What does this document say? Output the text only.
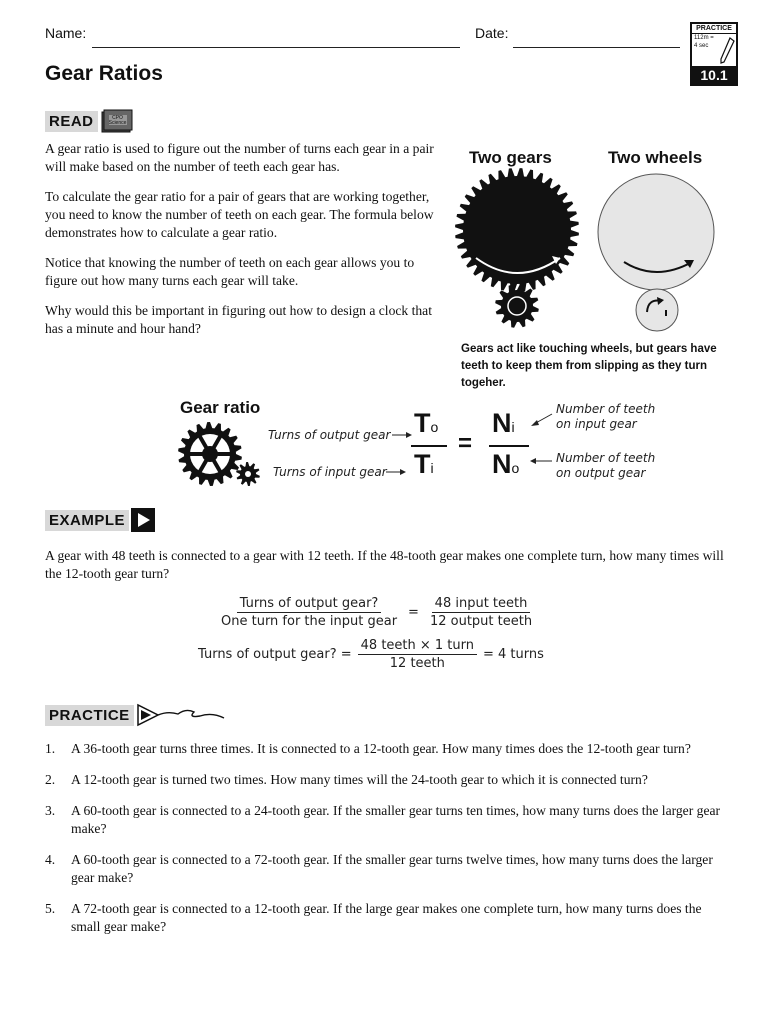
Name:	Date:	PRACTICE
112m =
4 sec
10.1
Gear Ratios
READ	CPO Science

A gear ratio is used to figure out the number of turns each gear in a pair will make based on the number of teeth each gear has.

To calculate the gear ratio for a pair of gears that are working together, you need to know the number of teeth on each gear. The formula below demonstrates how to calculate a gear ratio.

Notice that knowing the number of teeth on each gear allows you to figure out how many turns each gear will take.

Why would this be important in figuring out how to design a clock that has a minute and hour hand?

Two gears	Two wheels
Gears act like touching wheels, but gears have teeth to keep them from slipping as they turn togeher.
Gear ratio
Turns of output gear
Turns of input gear
To
Ti
=
Ni
No
Number of teeth
on input gear
Number of teeth
on output gear
EXAMPLE

A gear with 48 teeth is connected to a gear with 12 teeth. If the 48-tooth gear makes one complete turn, how many times will the 12-tooth gear turn?

$\frac{\text{Turns of output gear?}}{\text{One turn for the input gear}} = \frac{\text{48 input teeth}}{\text{12 output teeth}}$
Turns of output gear? = $\frac{\text{48 teeth × 1 turn}}{\text{12 teeth}} = 4$ turns
PRACTICE
1. A 36-tooth gear turns three times. It is connected to a 12-tooth gear. How many times does the 12-tooth gear turn?
2. A 12-tooth gear is turned two times. How many times will the 24-tooth gear to which it is connected turn?
3. A 60-tooth gear is connected to a 24-tooth gear. If the smaller gear turns ten times, how many turns does the larger gear make?
4. A 60-tooth gear is connected to a 72-tooth gear. If the smaller gear turns twelve times, how many turns does the larger gear make?
5. A 72-tooth gear is connected to a 12-tooth gear. If the large gear makes one complete turn, how many turns does the small gear make?
